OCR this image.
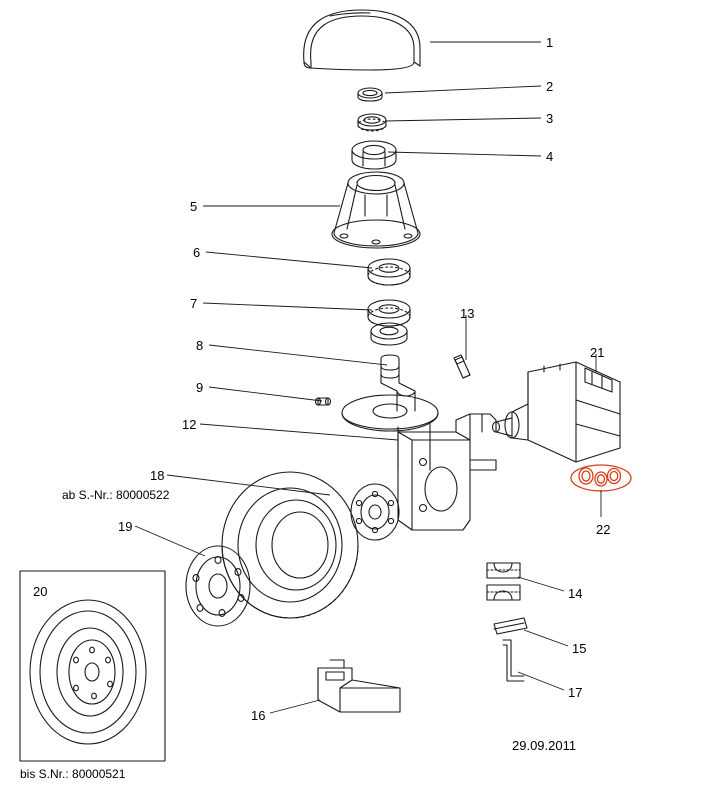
1
2
3
4
5
6
7
8
9
12
13
14
15
16
17
18
19
20
21
22
ab S.-Nr.: 80000522
bis S.Nr.: 80000521
29.09.2011
